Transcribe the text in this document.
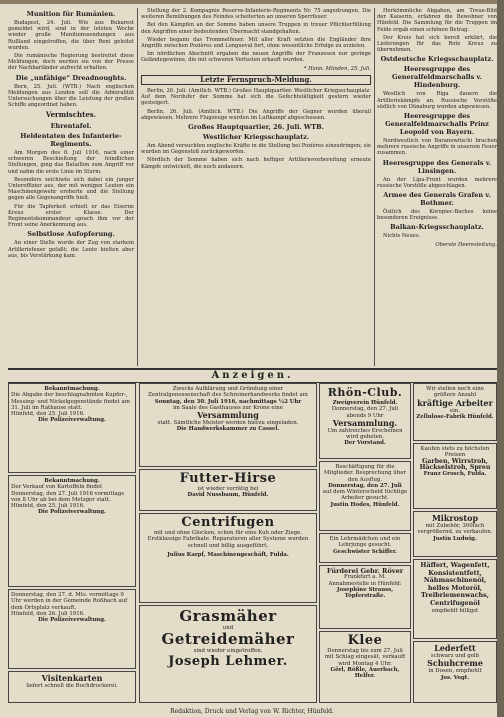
Munition für Rumänien.

Budapest, 24. Juli. Wie aus Bukarest gemeldet wird, sind in der letzten Woche wieder große Munitionssendungen aus Rußland eingetroffen, die über Reni geleitet wurden.

Die rumänische Regierung bestreitet diese Meldungen, doch werden sie von der Presse der Nachbarländer aufrecht erhalten.

Die „unfähige“ Dreadnoughts.

Bern, 25. Juli. (WTB.) Nach englischen Meldungen aus London soll die Admiralität Untersuchungen über die Leistung der großen Schiffe angeordnet haben.

Vermischtes.
Ehrentafel.
Heldentaten des Infanterie-Regiments.

Am Morgen des 8. Juli 1916, nach einer schweren Beschießung der feindlichen Stellungen, ging das Bataillon zum Angriff vor und nahm die erste Linie im Sturm.

Besonders zeichnete sich dabei ein junger Unteroffizier aus, der mit wenigen Leuten ein Maschinengewehr eroberte und die Stellung gegen alle Gegenangriffe hielt.

Für die Tapferkeit erhielt er das Eiserne Kreuz erster Klasse. Der Regimentskommandeur sprach ihm vor der Front seine Anerkennung aus.

Selbstlose Aufopferung.

An einer Stelle wurde der Zug von starkem Artilleriefeuer gefaßt; die Leute hielten aber aus, bis Verstärkung kam.

Stellung der 2. Kompagnie Reserve-Infanterie-Regiments Nr. 75 angedrungen. Die weiteren Bemühungen des Feindes scheiterten an unseren Sperrfeuer.

Bei den Kämpfen an der Somme haben unsere Truppen in treuer Pflichterfüllung den Angriffen einer bedeutenden Übermacht standgehalten.

Wieder begann das Trommelfeuer. Mit aller Kraft setzten die Engländer ihre Angriffe zwischen Pozières und Longueval fort, ohne wesentliche Erfolge zu erzielen.

Im nördlichen Abschnitt ergaben die neuen Angriffe der Franzosen nur geringe Geländegewinne, die mit schweren Verlusten erkauft wurden.

* Hann. Münden, 25. Juli.
Letzte Fernspruch-Meldung.

Berlin, 26. Juli. (Amtlich. WTB.) Großes Hauptquartier. Westlicher Kriegsschauplatz: Auf dem Nordufer der Somme hat sich die Gefechtstätigkeit gestern wieder gesteigert.

Berlin, 26. Juli. (Amtlich. WTB.) Die Angriffe der Gegner wurden überall abgewiesen. Mehrere Flugzeuge wurden im Luftkampf abgeschossen.

Großes Hauptquartier, 26. Juli. WTB.
Westlicher Kriegsschauplatz.

Am Abend versuchten englische Kräfte in die Stellung bei Pozières einzudringen; sie wurden im Gegenstoß zurückgeworfen.

Nördlich der Somme haben sich nach heftiger Artillerievorbereitung erneute Kämpfe entwickelt, die noch andauern.

Herkömmliche Abgaben, am Treue-Bild der Kaiserin, erfahren die Bewohner von Hünfeld. Die Sammlung für die Truppen im Felde ergab einen schönen Betrag.

Der Kreis hat sich bereit erklärt, die Lieferungen für das Rote Kreuz zu übernehmen.

Ostdeutsche Kriegsschauplatz.
Heeresgruppe des Generalfeldmarschalls v. Hindenburg.

Westlich von Riga dauern die Artilleriekämpfe an. Russische Vorstöße südlich von Dünaburg wurden abgewiesen.

Heeresgruppe des Generalfeldmarschalls Prinz Leopold von Bayern.

Nordwestlich von Baranowitschi brachen mehrere russische Angriffe in unserem Feuer zusammen.

Heeresgruppe des Generals v. Linsingen.

An der Lipa-Front wurden mehrere russische Vorstöße abgeschlagen.

Armee des Generals Grafen v. Bothmer.

Östlich des Koropiec-Baches keine besonderen Ereignisse.

Balkan-Kriegsschauplatz.

Nichts Neues.

Oberste Heeresleitung.
Anzeigen.
Bekanntmachung.
Die Abgabe der beschlagnahmten Kupfer-, Messing- und Nickelgegenstände findet am 31. Juli im Rathause statt.
Hünfeld, den 25. Juli 1916.
Die Polizeiverwaltung.
Bekanntmachung.
Der Verkauf von Kartoffeln findet Donnerstag, den 27. Juli 1916 vormittags von 8 Uhr ab bei dem Metzger statt.
Hünfeld, den 25. Juli 1916.
Die Polizeiverwaltung.
Donnerstag, den 27. d. Mts. vormittags 9 Uhr werden in der Gemeinde Roßbach auf dem Ortsplatz verkauft.
Hünfeld, den 26. Juli 1916.
Die Polizeiverwaltung.
Visitenkarten
liefert schnell die Buchdruckerei.
Zwecks Aufklärung und Gründung einer Zentralgenossenschaft des Schreinerhandwerks findet am
Sonntag, den 30. Juli 1916, nachmittags ½2 Uhr
im Saale des Gasthauses zur Krone eine
Versammlung
statt. Sämtliche Meister werden hierzu eingeladen.
Die Handwerkskammer zu Cassel.
Futter-Hirse
ist wieder vorrätig bei
David Nussbaum, Hünfeld.
Centrifugen
mit und ohne Glocken, schon für eine Kuh oder Ziege. Erstklassige Fabrikate. Reparaturen aller Systeme werden schnell und billig ausgeführt.
Julius Karpf, Maschinengeschäft, Fulda.
Grasmäher
und
Getreidemäher
sind wieder eingetroffen.
Joseph Lehmer.
Rhön-Club.
Zweigverein Hünfeld.
Donnerstag, den 27. Juli abends 9 Uhr
Versammlung.
Um zahlreiches Erscheinen wird gebeten.
Der Vorstand.
Beschäftigung für die Mitglieder. Besprechung über den Ausflug.
Donnerstag, den 27. Juli
auf dem Winterscheid tüchtige Arbeiter gesucht.
Justin Hodes, Hünfeld.
Ein Lehrmädchen und ein Lehrjunge gesucht.
Geschwister Schiffer.
Fürderei Gebr. Röver
Frankfurt a. M.
Annahmestelle in Hünfeld:
Josephine Strauss, Töpferstraße.
Klee
Donnerstag bis zum 27. Juli mit Schlag eingesät, verkauft wird Montag 4 Uhr.
Görl, Rößle, Auerbach, Helfer.
Wir stellen noch eine größere Anzahl
kräftige Arbeiter
ein.
Zellulose-Fabrik Hünfeld.
Kaufen stets zu höchsten Preisen
Garben, Wirrstroh, Häckselstroh, Spreu
Franz Grosch, Fulda.
Mikrostop
mit Zubehör, 300fach vergrößernd, zu verkaufen.
Justin Ludwig.
Häffert, Wagenfett, Konsistentfett, Nähmaschinenöl, helles Motoröl, Treibriemenwachs, Centrifugenöl
empfiehlt billigst
Lederfett
schwarz und gelb
Schuhcreme
in Dosen, empfiehlt
Jos. Vogt.
Redaktion, Druck und Verlag von W. Richter, Hünfeld.
